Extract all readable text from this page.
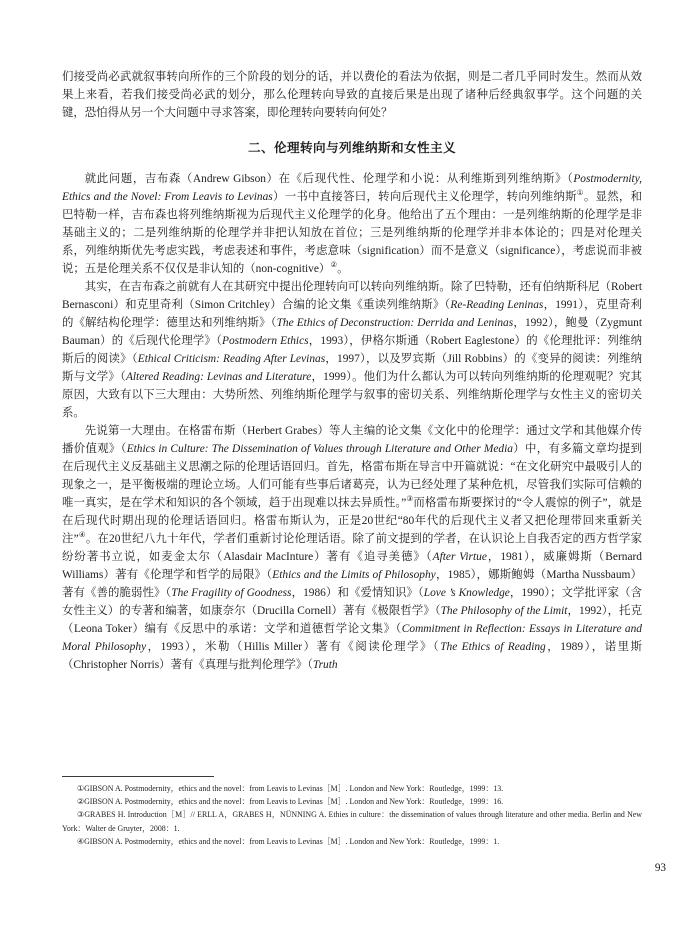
们接受尚必武就叙事转向所作的三个阶段的划分的话，并以费伦的看法为依据，则是二者几乎同时发生。然而从效果上来看，若我们接受尚必武的划分，那么伦理转向导致的直接后果是出现了诸种后经典叙事学。这个问题的关键，恐怕得从另一个大问题中寻求答案，即伦理转向要转向何处？

二、伦理转向与列维纳斯和女性主义

就此问题，吉布森（Andrew Gibson）在《后现代性、伦理学和小说：从利维斯到列维纳斯》（Postmodernity, Ethics and the Novel: From Leavis to Levinas）一书中直接答曰，转向后现代主义伦理学，转向列维纳斯①。显然，和巴特勒一样，吉布森也将列维纳斯视为后现代主义伦理学的化身。他给出了五个理由：一是列维纳斯的伦理学是非基础主义的；二是列维纳斯的伦理学并非把认知放在首位；三是列维纳斯的伦理学并非本体论的；四是对伦理关系，列维纳斯优先考虑实践，考虑表述和事件，考虑意味（signification）而不是意义（significance），考虑说而非被说；五是伦理关系不仅仅是非认知的（non-cognitive）②。

其实，在吉布森之前就有人在其研究中提出伦理转向可以转向列维纳斯。除了巴特勒，还有伯纳斯科尼（Robert Bernasconi）和克里奇利（Simon Critchley）合编的论文集《重读列维纳斯》（Re-Reading Leninas，1991），克里奇利的《解结构伦理学：德里达和列维纳斯》（The Ethics of Deconstruction: Derrida and Leninas，1992），鲍曼（Zygmunt Bauman）的《后现代伦理学》（Postmodern Ethics，1993），伊格尔斯通（Robert Eaglestone）的《伦理批评：列维纳斯后的阅读》（Ethical Criticism: Reading After Levinas，1997），以及罗宾斯（Jill Robbins）的《变异的阅读：列维纳斯与文学》（Altered Reading: Levinas and Literature，1999）。他们为什么都认为可以转向列维纳斯的伦理观呢？究其原因，大致有以下三大理由：大势所然、列维纳斯伦理学与叙事的密切关系、列维纳斯伦理学与女性主义的密切关系。

先说第一大理由。在格雷布斯（Herbert Grabes）等人主编的论文集《文化中的伦理学：通过文学和其他媒介传播价值观》（Ethics in Culture: The Dissemination of Values through Literature and Other Media）中，有多篇文章均提到在后现代主义反基础主义思潮之际的伦理话语回归。首先，格雷布斯在导言中开篇就说：“在文化研究中最吸引人的现象之一，是平衡极端的理论立场。人们可能有些事后诸葛亮，认为已经处理了某种危机，尽管我们实际可信赖的唯一真实，是在学术和知识的各个领域，趋于出现难以抹去异质性。”③而格雷布斯要探讨的“令人震惊的例子”，就是在后现代时期出现的伦理话语回归。格雷布斯认为，正是20世纪“80年代的后现代主义者又把伦理带回来重新关注”④。在20世纪八九十年代，学者们重新讨论伦理话语。除了前文提到的学者，在认识论上自我否定的西方哲学家纷纷著书立说，如麦金太尔（Alasdair MacInture）著有《追寻美德》（After Virtue，1981），威廉姆斯（Bernard Williams）著有《伦理学和哲学的局限》（Ethics and the Limits of Philosophy，1985），娜斯鲍姆（Martha Nussbaum）著有《善的脆弱性》（The Fragility of Goodness，1986）和《爱情知识》（Love ’s Knowledge，1990）；文学批评家（含女性主义）的专著和编著，如康奈尔（Drucilla Cornell）著有《极限哲学》（The Philosophy of the Limit，1992），托克（Leona Toker）编有《反思中的承诺：文学和道德哲学论文集》（Commitment in Reflection: Essays in Literature and Moral Philosophy，1993），米勒（Hillis Miller）著有《阅读伦理学》（The Ethics of Reading，1989），诺里斯（Christopher Norris）著有《真理与批判伦理学》（Truth

①GIBSON A. Postmodernity，ethics and the novel：from Leavis to Levinas［M］. London and New York：Routledge，1999：13.

②GIBSON A. Postmodernity，ethics and the novel：from Leavis to Levinas［M］. London and New York：Routledge，1999：16.

③GRABES H. Introduction［M］// ERLL A，GRABES H，NÜNNING A. Ethies in culture：the dissemination of values through literature and other media. Berlin and New York：Walter de Gruyter，2008：1.

④GIBSON A. Postmodernity，ethics and the novel：from Leavis to Levinas［M］. London and New York：Routledge，1999：1.

93
